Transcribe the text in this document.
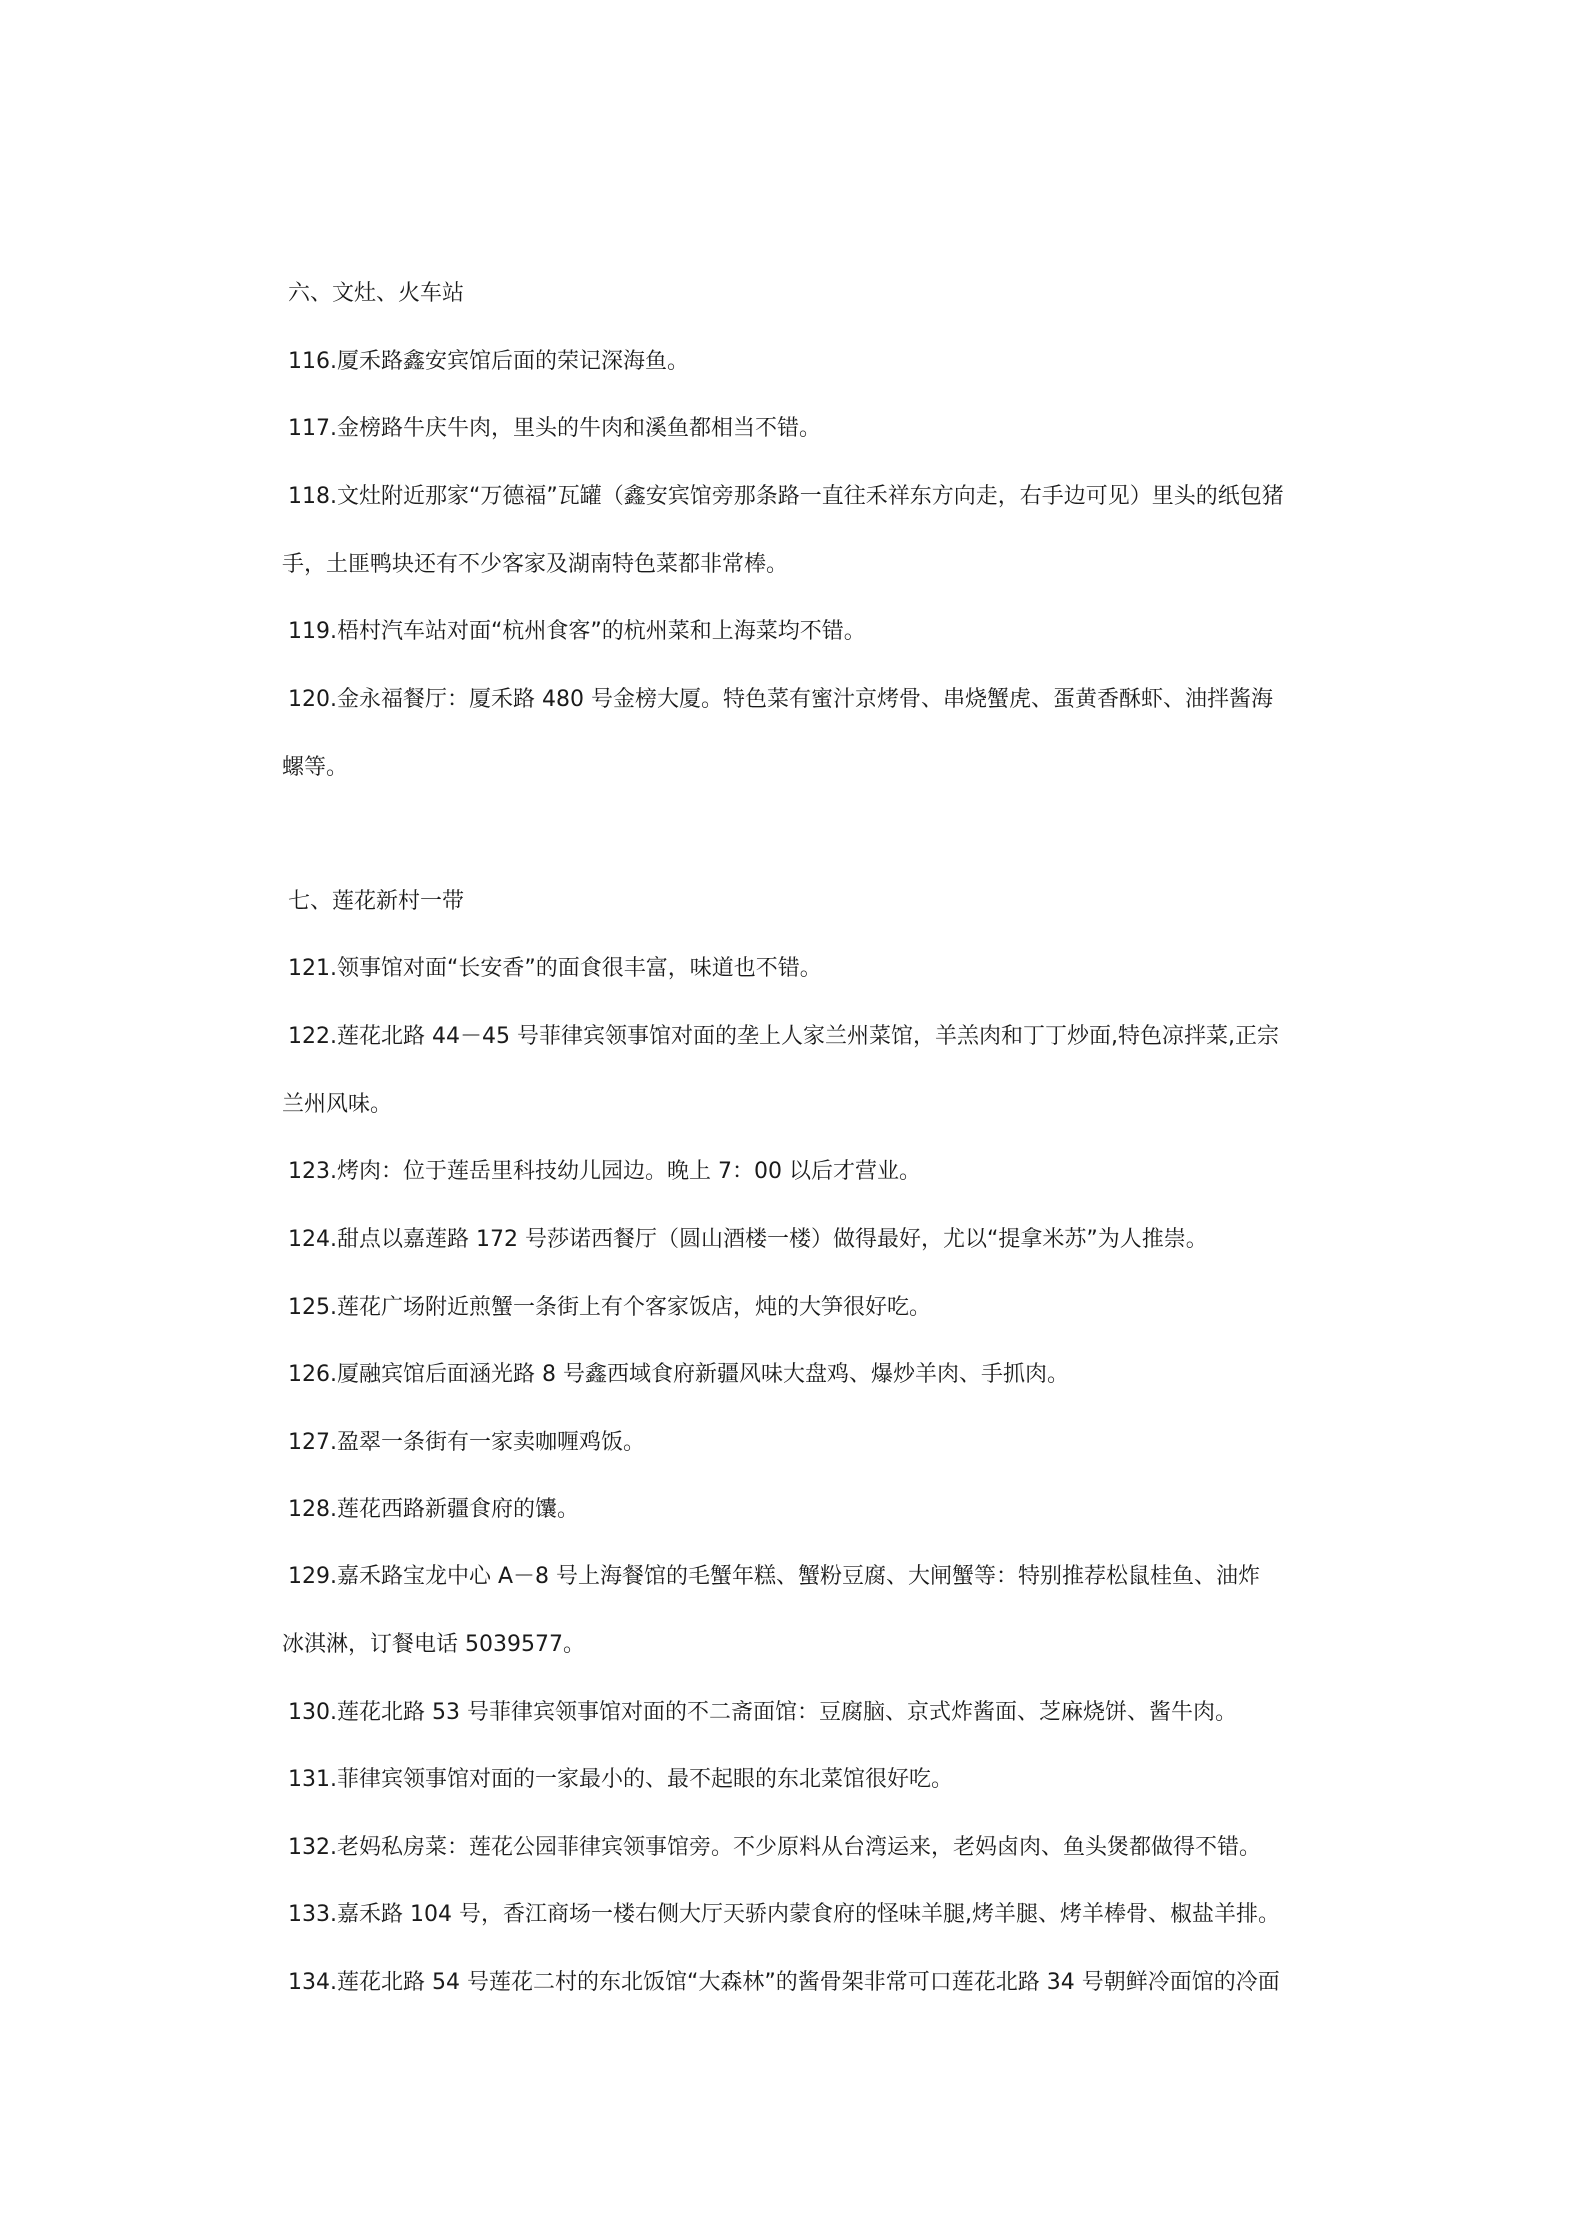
六、文灶、火车站

116.厦禾路鑫安宾馆后面的荣记深海鱼。

117.金榜路牛庆牛肉，里头的牛肉和溪鱼都相当不错。

118.文灶附近那家“万德福”瓦罐（鑫安宾馆旁那条路一直往禾祥东方向走，右手边可见）里头的纸包猪

手，土匪鸭块还有不少客家及湖南特色菜都非常棒。

119.梧村汽车站对面“杭州食客”的杭州菜和上海菜均不错。

120.金永福餐厅：厦禾路 480 号金榜大厦。特色菜有蜜汁京烤骨、串烧蟹虎、蛋黄香酥虾、油拌酱海

螺等。

七、莲花新村一带

121.领事馆对面“长安香”的面食很丰富，味道也不错。

122.莲花北路 44－45 号菲律宾领事馆对面的垄上人家兰州菜馆，羊羔肉和丁丁炒面,特色凉拌菜,正宗

兰州风味。

123.烤肉：位于莲岳里科技幼儿园边。晚上 7：00 以后才营业。

124.甜点以嘉莲路 172 号莎诺西餐厅（圆山酒楼一楼）做得最好，尤以“提拿米苏”为人推崇。

125.莲花广场附近煎蟹一条街上有个客家饭店，炖的大笋很好吃。

126.厦融宾馆后面涵光路 8 号鑫西域食府新疆风味大盘鸡、爆炒羊肉、手抓肉。

127.盈翠一条街有一家卖咖喱鸡饭。

128.莲花西路新疆食府的馕。

129.嘉禾路宝龙中心 A－8 号上海餐馆的毛蟹年糕、蟹粉豆腐、大闸蟹等：特别推荐松鼠桂鱼、油炸

冰淇淋，订餐电话 5039577。

130.莲花北路 53 号菲律宾领事馆对面的不二斋面馆：豆腐脑、京式炸酱面、芝麻烧饼、酱牛肉。

131.菲律宾领事馆对面的一家最小的、最不起眼的东北菜馆很好吃。

132.老妈私房菜：莲花公园菲律宾领事馆旁。不少原料从台湾运来，老妈卤肉、鱼头煲都做得不错。

133.嘉禾路 104 号，香江商场一楼右侧大厅天骄内蒙食府的怪味羊腿,烤羊腿、烤羊棒骨、椒盐羊排。

134.莲花北路 54 号莲花二村的东北饭馆“大森林”的酱骨架非常可口莲花北路 34 号朝鲜冷面馆的冷面
